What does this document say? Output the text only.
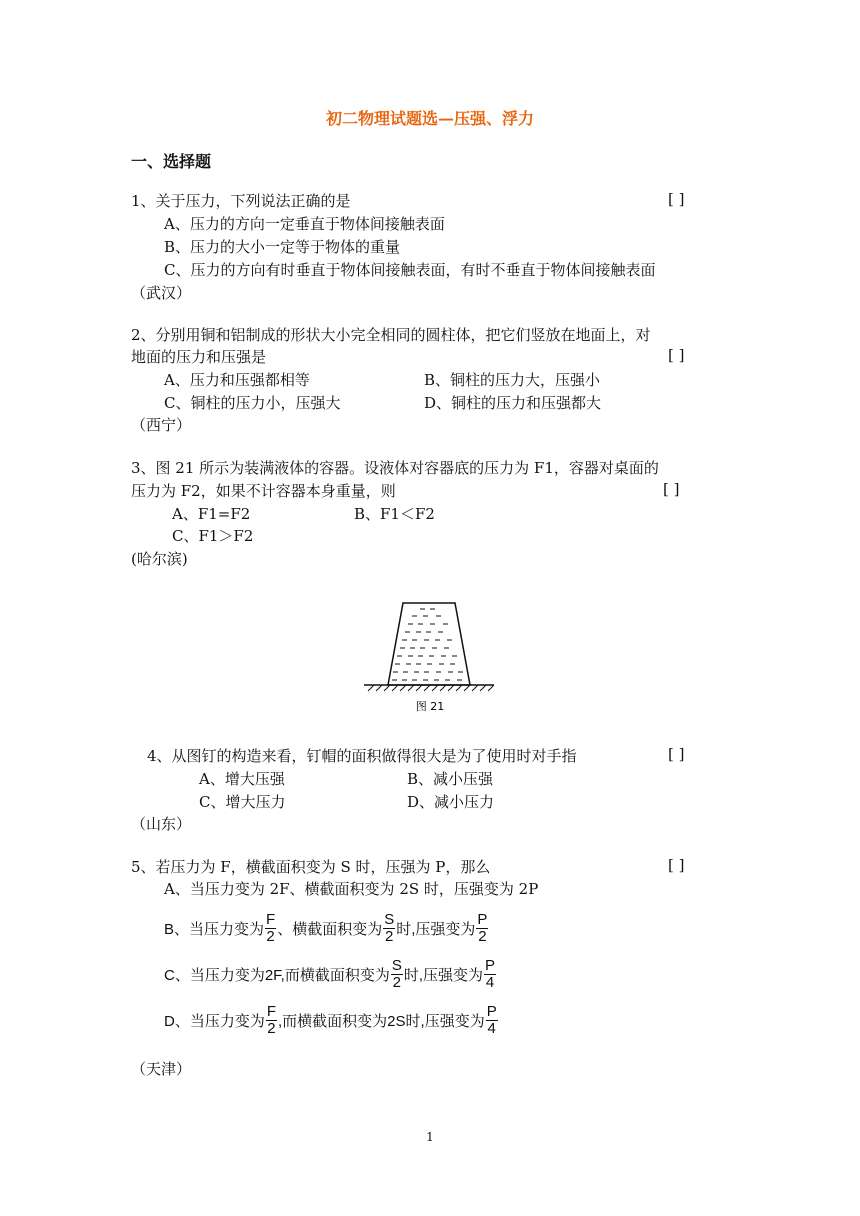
初二物理试题选—压强、浮力
一、选择题
1、关于压力，下列说法正确的是	[ ]
A、压力的方向一定垂直于物体间接触表面
B、压力的大小一定等于物体的重量
C、压力的方向有时垂直于物体间接触表面，有时不垂直于物体间接触表面
（武汉）
2、分别用铜和铝制成的形状大小完全相同的圆柱体，把它们竖放在地面上，对
地面的压力和压强是	[ ]
A、压力和压强都相等	B、铜柱的压力大，压强小
C、铜柱的压力小，压强大	D、铜柱的压力和压强都大
（西宁）
3、图 21 所示为装满液体的容器。设液体对容器底的压力为 F1，容器对桌面的
压力为 F2，如果不计容器本身重量，则	[ ]
A、F1=F2	B、F1＜F2
C、F1＞F2
(哈尔滨)
图 21
4、从图钉的构造来看，钉帽的面积做得很大是为了使用时对手指	[ ]
A、增大压强	B、减小压强
C、增大压力	D、减小压力
（山东）
5、若压力为 F，横截面积变为 S 时，压强为 P，那么	[ ]
A、当压力变为 2F、横截面积变为 2S 时，压强变为 2P
B、当压力变为 $\frac{F}{2}$ 、横截面积变为 $\frac{S}{2}$ 时,压强变为 $\frac{P}{2}$
C、当压力变为2F,而横截面积变为 $\frac{S}{2}$ 时,压强变为 $\frac{P}{4}$
D、当压力变为 $\frac{F}{2}$ ,而横截面积变为2S时,压强变为 $\frac{P}{4}$
（天津）
1
